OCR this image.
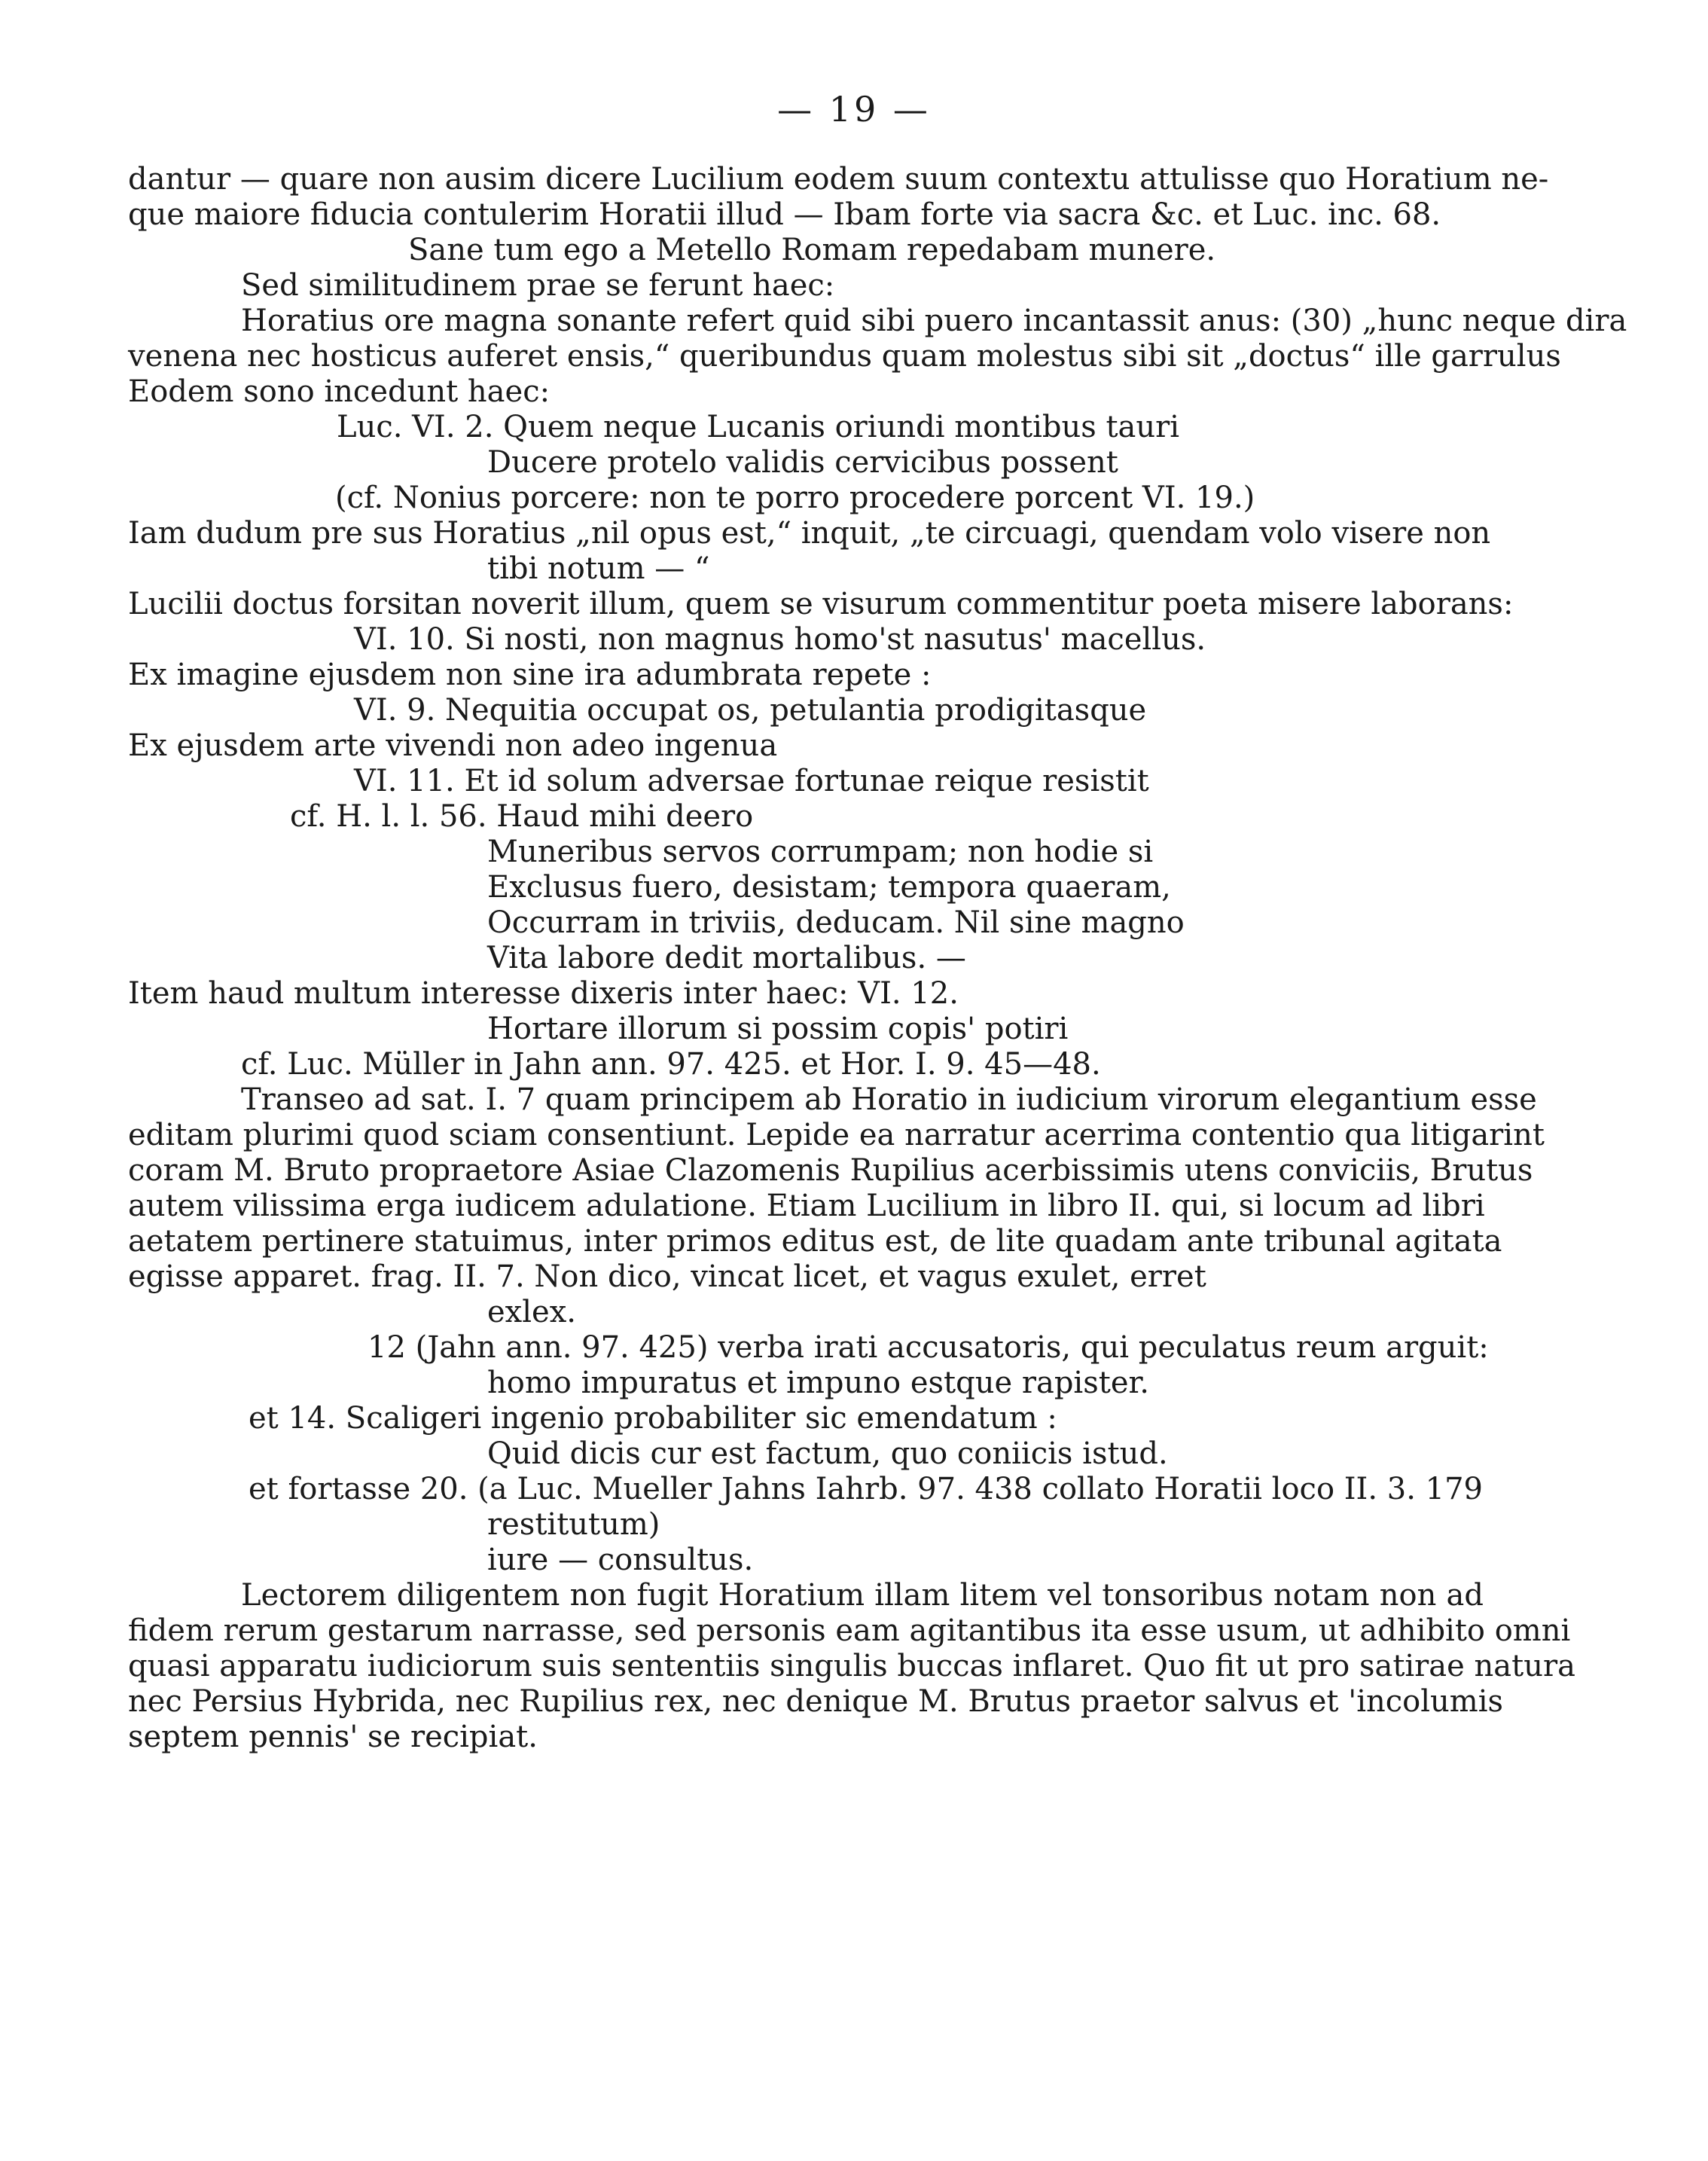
— 19 —
dantur — quare non ausim dicere Lucilium eodem suum contextu attulisse quo Horatium ne-
que maiore fiducia contulerim Horatii illud — Ibam forte via sacra &c. et Luc. inc. 68.
Sane tum ego a Metello Romam repedabam munere.
Sed similitudinem prae se ferunt haec:
Horatius ore magna sonante refert quid sibi puero incantassit anus: (30) „hunc neque dira
venena nec hosticus auferet ensis,“ queribundus quam molestus sibi sit „doctus“ ille garrulus
Eodem sono incedunt haec:
Luc. VI. 2. Quem neque Lucanis oriundi montibus tauri
Ducere protelo validis cervicibus possent
(cf. Nonius porcere: non te porro procedere porcent VI. 19.)
Iam dudum pre sus Horatius „nil opus est,“ inquit, „te circuagi, quendam volo visere non
tibi notum — “
Lucilii doctus forsitan noverit illum, quem se visurum commentitur poeta misere laborans:
VI. 10. Si nosti, non magnus homo'st nasutus' macellus.
Ex imagine ejusdem non sine ira adumbrata repete :
VI. 9. Nequitia occupat os, petulantia prodigitasque
Ex ejusdem arte vivendi non adeo ingenua
VI. 11. Et id solum adversae fortunae reique resistit
cf. H. l. l. 56. Haud mihi deero
Muneribus servos corrumpam; non hodie si
Exclusus fuero, desistam; tempora quaeram,
Occurram in triviis, deducam. Nil sine magno
Vita labore dedit mortalibus. —
Item haud multum interesse dixeris inter haec: VI. 12.
Hortare illorum si possim copis' potiri
cf. Luc. Müller in Jahn ann. 97. 425. et Hor. I. 9. 45—48.
Transeo ad sat. I. 7 quam principem ab Horatio in iudicium virorum elegantium esse
editam plurimi quod sciam consentiunt. Lepide ea narratur acerrima contentio qua litigarint
coram M. Bruto propraetore Asiae Clazomenis Rupilius acerbissimis utens conviciis, Brutus
autem vilissima erga iudicem adulatione. Etiam Lucilium in libro II. qui, si locum ad libri
aetatem pertinere statuimus, inter primos editus est, de lite quadam ante tribunal agitata
egisse apparet. frag. II. 7. Non dico, vincat licet, et vagus exulet, erret
exlex.
12 (Jahn ann. 97. 425) verba irati accusatoris, qui peculatus reum arguit:
homo impuratus et impuno estque rapister.
et 14. Scaligeri ingenio probabiliter sic emendatum :
Quid dicis cur est factum, quo coniicis istud.
et fortasse 20. (a Luc. Mueller Jahns Iahrb. 97. 438 collato Horatii loco II. 3. 179
restitutum)
iure — consultus.
Lectorem diligentem non fugit Horatium illam litem vel tonsoribus notam non ad
fidem rerum gestarum narrasse, sed personis eam agitantibus ita esse usum, ut adhibito omni
quasi apparatu iudiciorum suis sententiis singulis buccas inflaret. Quo fit ut pro satirae natura
nec Persius Hybrida, nec Rupilius rex, nec denique M. Brutus praetor salvus et 'incolumis
septem pennis' se recipiat.
